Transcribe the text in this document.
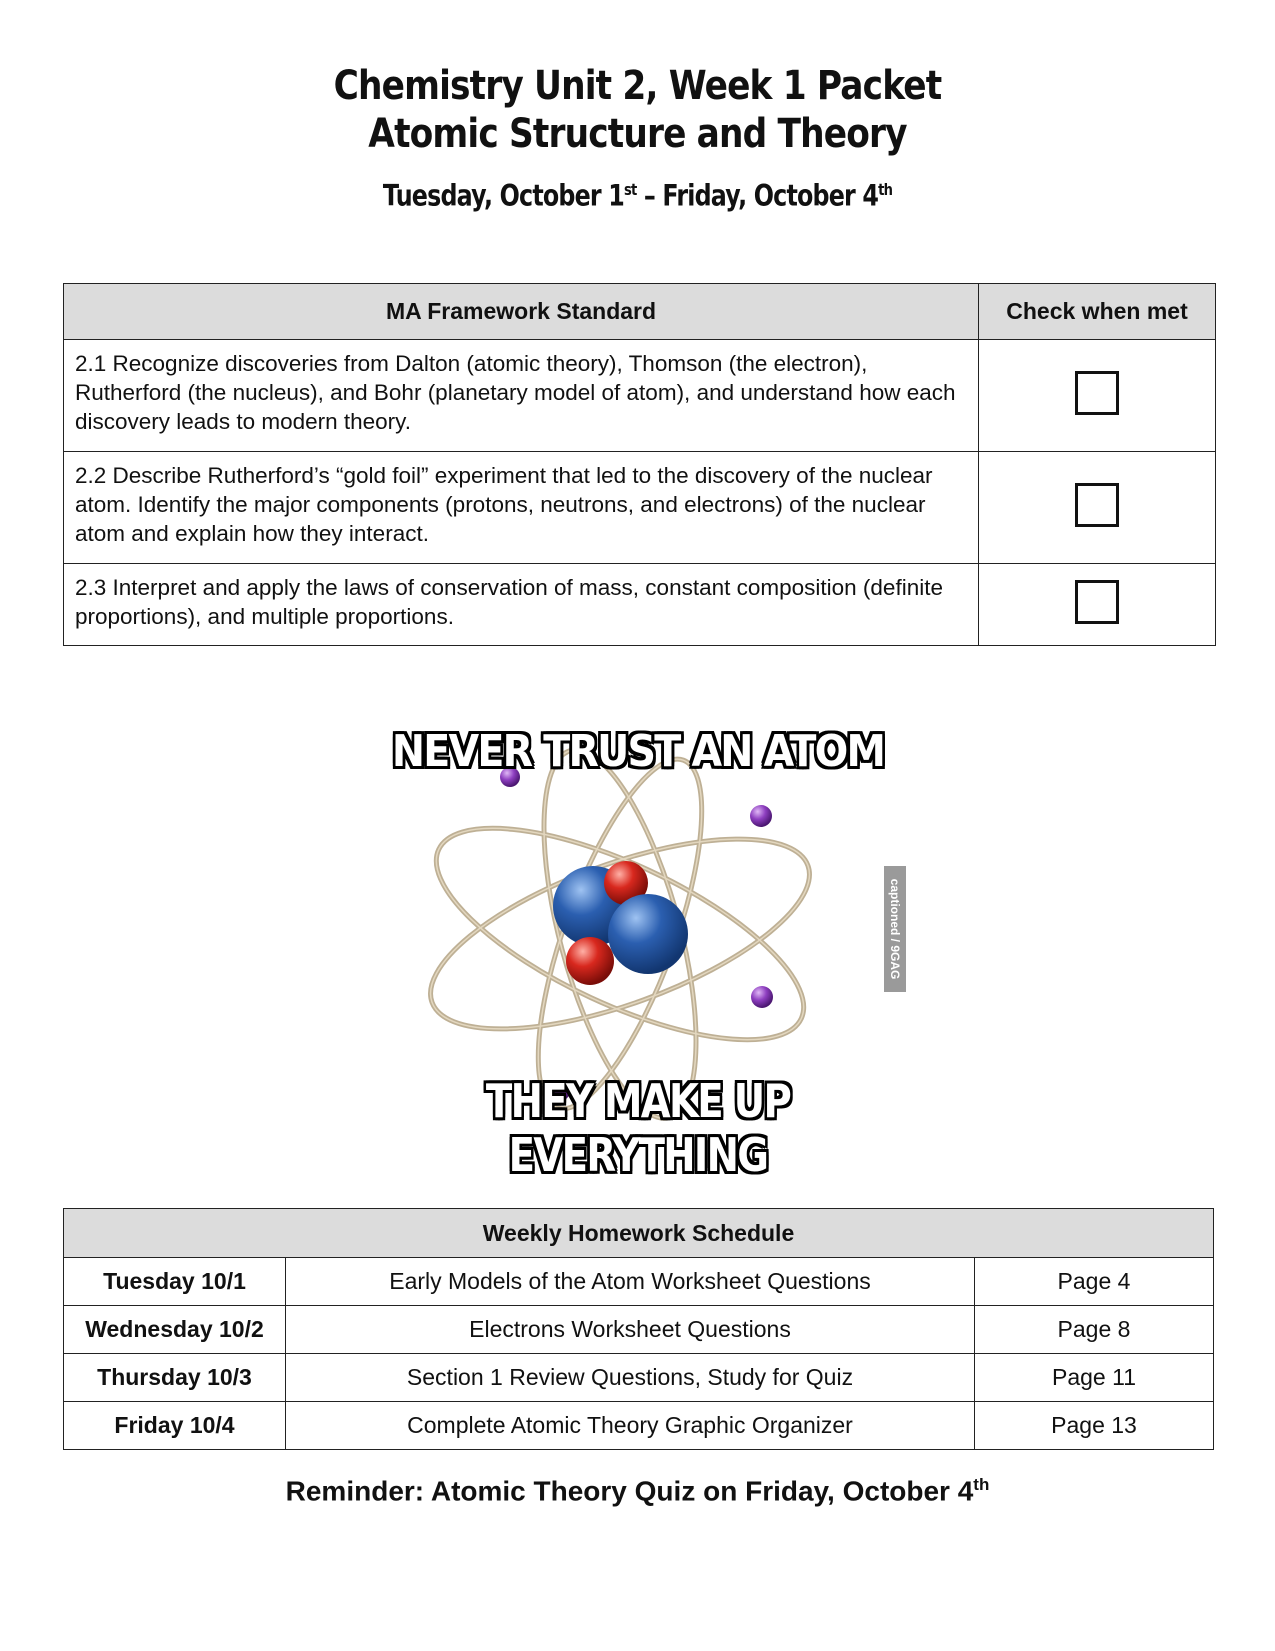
Chemistry Unit 2, Week 1 Packet
Atomic Structure and Theory
Tuesday, October 1st – Friday, October 4th
MA Framework Standard	Check when met
2.1 Recognize discoveries from Dalton (atomic theory), Thomson (the electron), Rutherford (the nucleus), and Bohr (planetary model of atom), and understand how each discovery leads to modern theory.	
2.2 Describe Rutherford’s “gold foil” experiment that led to the discovery of the nuclear atom. Identify the major components (protons, neutrons, and electrons) of the nuclear atom and explain how they interact.	
2.3 Interpret and apply the laws of conservation of mass, constant composition (definite proportions), and multiple proportions.	
NEVER TRUST AN ATOM
THEY MAKE UP EVERYTHING
captioned / 9GAG
Weekly Homework Schedule		
Tuesday 10/1	Early Models of the Atom Worksheet Questions	Page 4
Wednesday 10/2	Electrons Worksheet Questions	Page 8
Thursday 10/3	Section 1 Review Questions, Study for Quiz	Page 11
Friday 10/4	Complete Atomic Theory Graphic Organizer	Page 13
Reminder: Atomic Theory Quiz on Friday, October 4th
